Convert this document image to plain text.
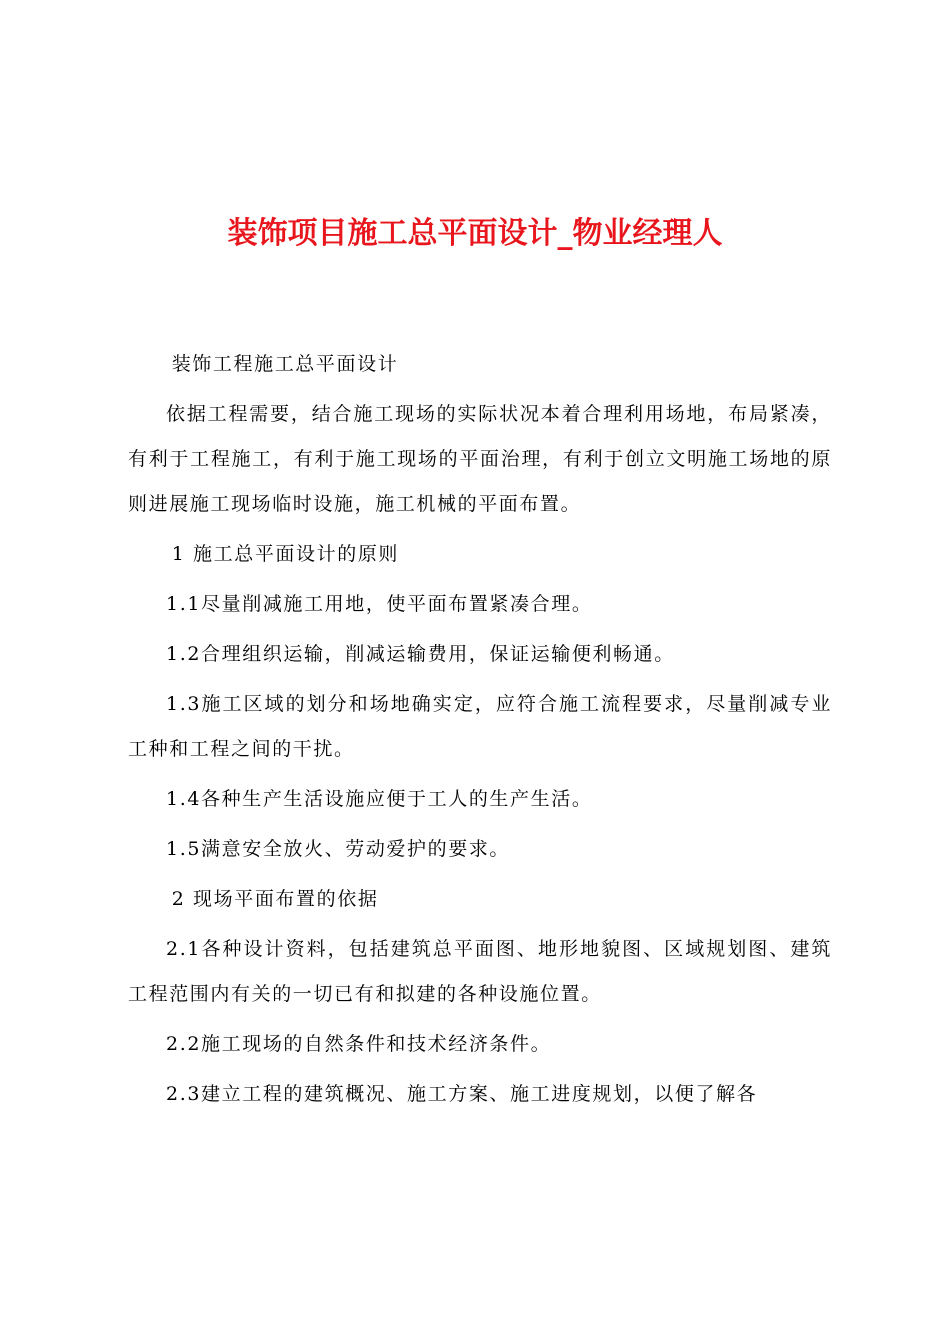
装饰项目施工总平面设计_物业经理人

装饰工程施工总平面设计

依据工程需要，结合施工现场的实际状况本着合理利用场地，布局紧凑，有利于工程施工，有利于施工现场的平面治理，有利于创立文明施工场地的原则进展施工现场临时设施，施工机械的平面布置。

1 施工总平面设计的原则

1.1尽量削减施工用地，使平面布置紧凑合理。

1.2合理组织运输，削减运输费用，保证运输便利畅通。

1.3施工区域的划分和场地确实定，应符合施工流程要求，尽量削减专业工种和工程之间的干扰。

1.4各种生产生活设施应便于工人的生产生活。

1.5满意安全放火、劳动爱护的要求。

2 现场平面布置的依据

2.1各种设计资料，包括建筑总平面图、地形地貌图、区域规划图、建筑工程范围内有关的一切已有和拟建的各种设施位置。

2.2施工现场的自然条件和技术经济条件。

2.3建立工程的建筑概况、施工方案、施工进度规划，以便了解各
